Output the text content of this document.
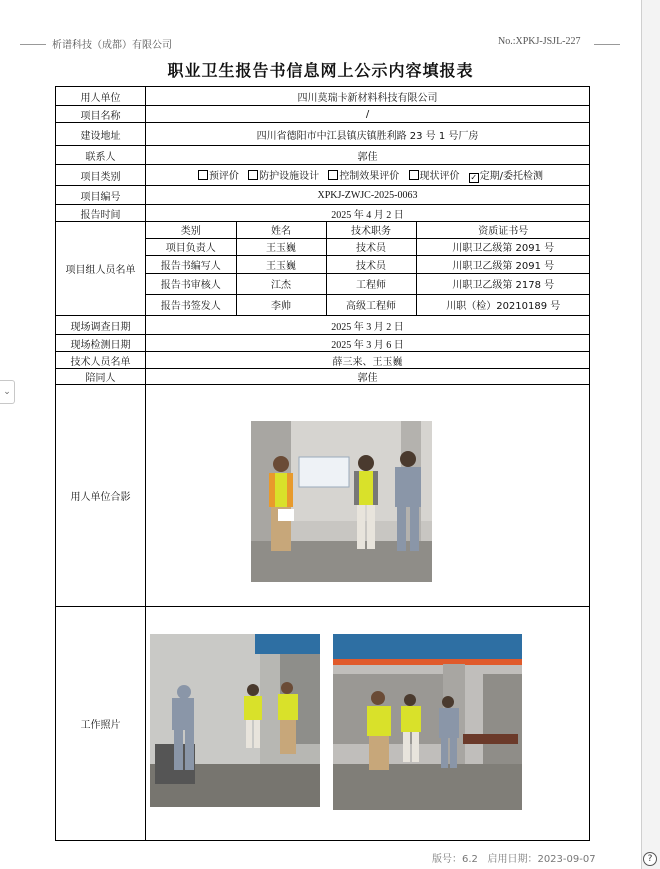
析谱科技（成都）有限公司	No.:XPKJ-JSJL-227
职业卫生报告书信息网上公示内容填报表
用人单位	四川莫瑞卡新材料科技有限公司
项目名称	/
建设地址	四川省德阳市中江县镇庆镇胜利路 23 号 1 号厂房
联系人	郭佳
项目类别	预评价 防护设施设计 控制效果评价 现状评价 ✓ 定期/委托检测
项目编号	XPKJ-ZWJC-2025-0063
报告时间	2025 年 4 月 2 日
项目组人员名单	
类别	姓名	技术职务	资质证书号
项目负责人	王玉巍	技术员	川职卫乙级第 2091 号
报告书编写人	王玉巍	技术员	川职卫乙级第 2091 号
报告书审核人	江杰	工程师	川职卫乙级第 2178 号
报告书签发人	李帅	高级工程师	川职（检）20210189 号

现场调查日期	2025 年 3 月 2 日
现场检测日期	2025 年 3 月 6 日
技术人员名单	薛三来、王玉巍
陪同人	郭佳
用人单位合影	
工作照片	
版号：6.2 启用日期：2023-09-07
⌄
?
